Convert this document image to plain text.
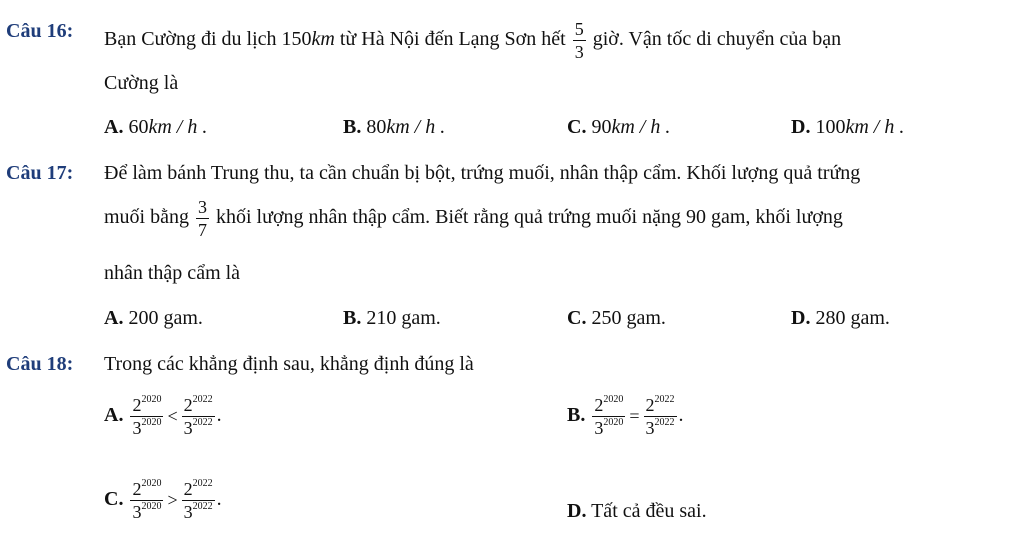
Câu 16: Bạn Cường đi du lịch 150km từ Hà Nội đến Lạng Sơn hết $\frac{5}{3}$ giờ. Vận tốc di chuyển của bạn
Cường là
A. 60km / h .	B. 80km / h .	C. 90km / h .	D. 100km / h .
Câu 17: Để làm bánh Trung thu, ta cần chuẩn bị bột, trứng muối, nhân thập cẩm. Khối lượng quả trứng
muối bằng $\frac{3}{7}$ khối lượng nhân thập cẩm. Biết rằng quả trứng muối nặng 90 gam, khối lượng
nhân thập cẩm là
A. 200 gam.	B. 210 gam.	C. 250 gam.	D. 280 gam.
Câu 18: Trong các khẳng định sau, khẳng định đúng là
A. $\frac{2^{2020}}{3^{2020}} < \frac{2^{2022}}{3^{2022}}$ .	B. $\frac{2^{2020}}{3^{2020}} = \frac{2^{2022}}{3^{2022}}$ .
C. $\frac{2^{2020}}{3^{2020}} > \frac{2^{2022}}{3^{2022}}$ .
D. Tất cả đều sai.
